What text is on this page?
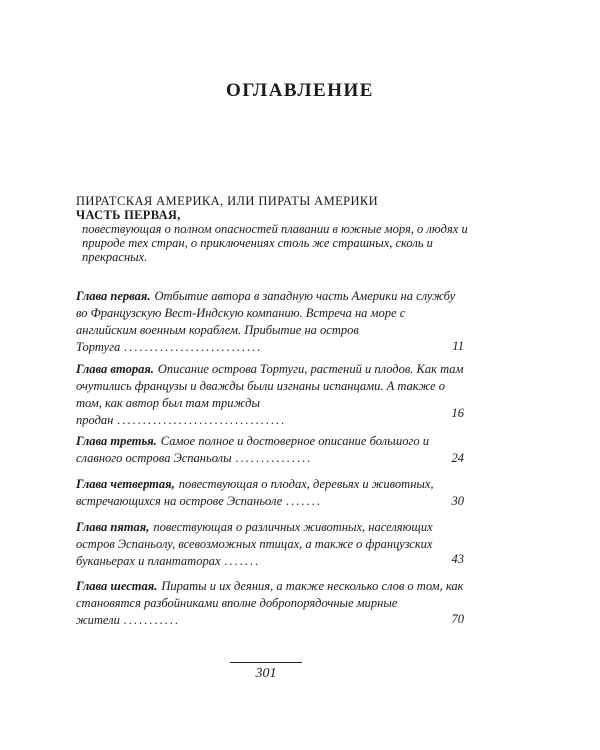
ОГЛАВЛЕНИЕ
ПИРАТСКАЯ АМЕРИКА, ИЛИ ПИРАТЫ АМЕРИКИ
ЧАСТЬ ПЕРВАЯ,
повествующая о полном опасностей плавании в южные моря, о людях и природе тех стран, о приключениях столь же страшных, сколь и прекрасных.
Глава первая. Отбытие автора в западную часть Америки на службу во Французскую Вест-Индскую компанию. Встреча на море с английским военным кораблем. Прибытие на остров Тортуга ...........................	11
Глава вторая. Описание острова Тортуги, растений и плодов. Как там очутились французы и дважды были изгнаны испанцами. А также о том, как автор был там трижды продан .................................	16
Глава третья. Самое полное и достоверное описание большого и славного острова Эспаньолы ...............	24
Глава четвертая, повествующая о плодах, деревьях и животных, встречающихся на острове Эспаньоле .......	30
Глава пятая, повествующая о различных животных, населяющих остров Эспаньолу, всевозможных птицах, а также о французских буканьерах и плантаторах .......	43
Глава шестая. Пираты и их деяния, а также несколько слов о том, как становятся разбойниками вполне добропорядочные мирные жители ...........	70
301
